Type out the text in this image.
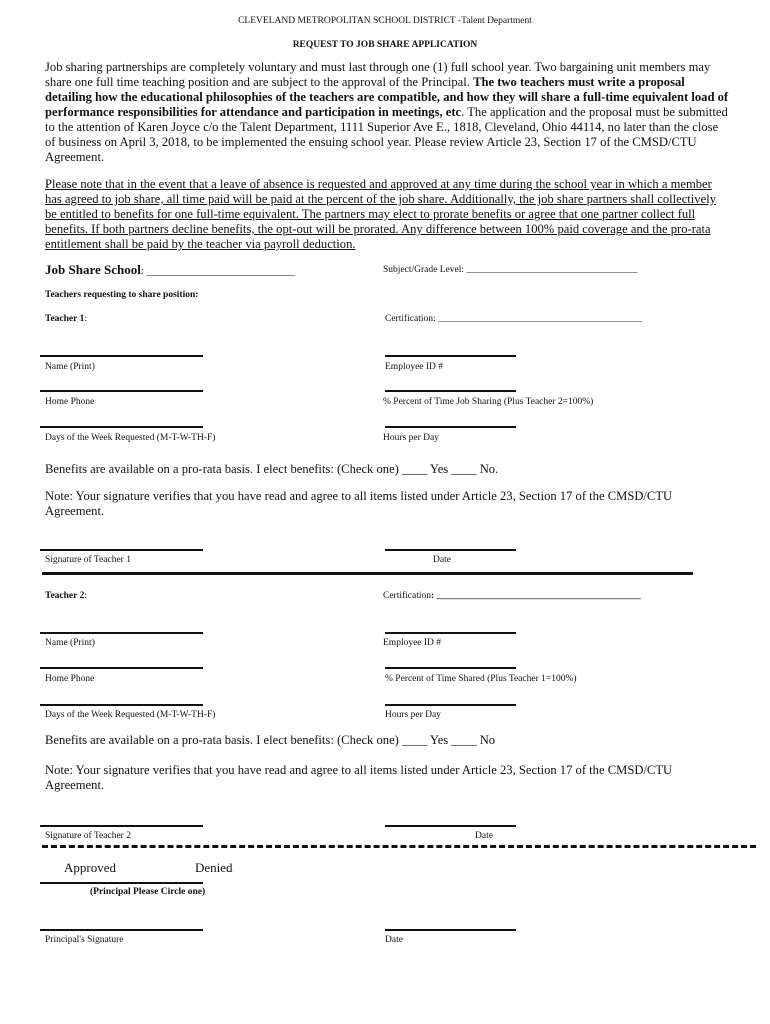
CLEVELAND METROPOLITAN SCHOOL DISTRICT -Talent Department
REQUEST TO JOB SHARE APPLICATION
Job sharing partnerships are completely voluntary and must last through one (1) full school year. Two bargaining unit members may share one full time teaching position and are subject to the approval of the Principal. The two teachers must write a proposal detailing how the educational philosophies of the teachers are compatible, and how they will share a full-time equivalent load of performance responsibilities for attendance and participation in meetings, etc. The application and the proposal must be submitted to the attention of Karen Joyce c/o the Talent Department, 1111 Superior Ave E., 1818, Cleveland, Ohio 44114, no later than the close of business on April 3, 2018, to be implemented the ensuing school year. Please review Article 23, Section 17 of the CMSD/CTU Agreement.
Please note that in the event that a leave of absence is requested and approved at any time during the school year in which a member has agreed to job share, all time paid will be paid at the percent of the job share. Additionally, the job share partners shall collectively be entitled to benefits for one full-time equivalent. The partners may elect to prorate benefits or agree that one partner collect full benefits. If both partners decline benefits, the opt-out will be prorated. Any difference between 100% paid coverage and the pro-rata entitlement shall be paid by the teacher via payroll deduction.
Job Share School: ___________________________	Subject/Grade Level: ____________________________________
Teachers requesting to share position:
Teacher 1:	Certification: ___________________________________________
Name (Print)	Employee ID #
Home Phone	% Percent of Time Job Sharing (Plus Teacher 2=100%)
Days of the Week Requested (M-T-W-TH-F)	Hours per Day
Benefits are available on a pro-rata basis. I elect benefits: (Check one) ____ Yes ____ No.
Note: Your signature verifies that you have read and agree to all items listed under Article 23, Section 17 of the CMSD/CTU Agreement.
Signature of Teacher 1	Date
Teacher 2:	Certification: ___________________________________________
Name (Print)	Employee ID #
Home Phone	% Percent of Time Shared (Plus Teacher 1=100%)
Days of the Week Requested (M-T-W-TH-F)	Hours per Day
Benefits are available on a pro-rata basis. I elect benefits: (Check one) ____ Yes ____ No
Note: Your signature verifies that you have read and agree to all items listed under Article 23, Section 17 of the CMSD/CTU Agreement.
Signature of Teacher 2	Date
Approved	Denied
(Principal Please Circle one)
Principal's Signature	Date
